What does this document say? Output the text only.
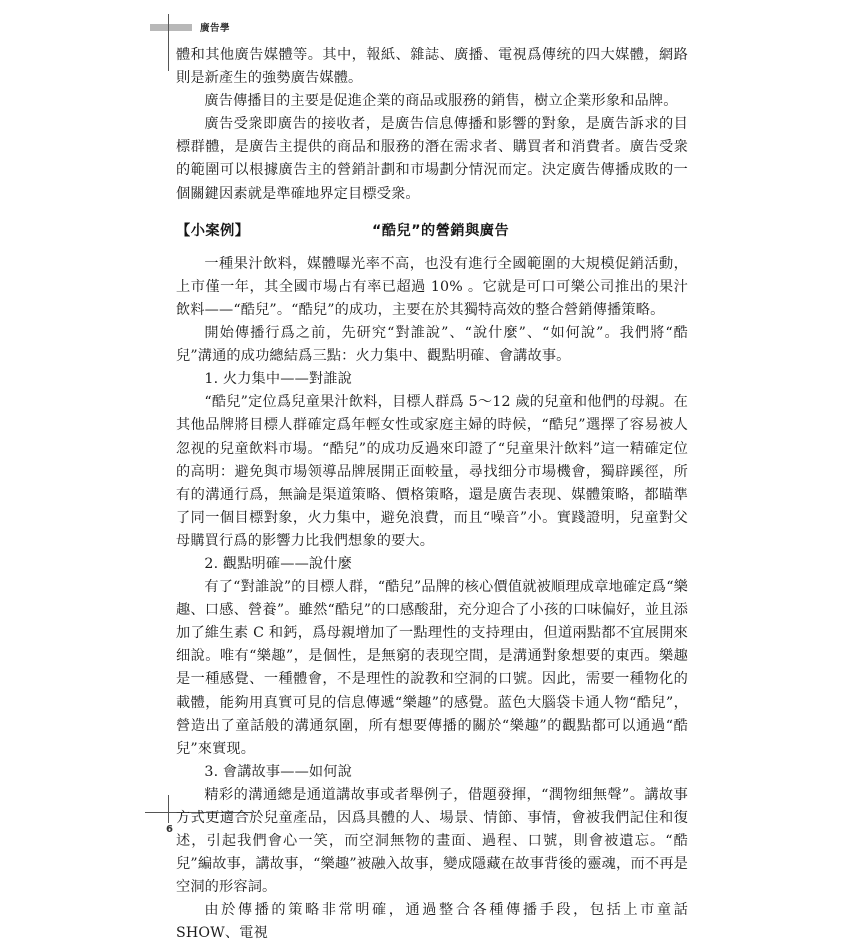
廣告學
6

體和其他廣告媒體等。其中，報紙、雜誌、廣播、電視爲傳统的四大媒體，網路則是新產生的強勢廣告媒體。

廣告傳播目的主要是促進企業的商品或服務的銷售，樹立企業形象和品牌。

廣告受衆即廣告的接收者，是廣告信息傳播和影響的對象，是廣告訴求的目標群體，是廣告主提供的商品和服務的潛在需求者、購買者和消費者。廣告受衆的範圍可以根據廣告主的營銷計劃和市場劃分情況而定。決定廣告傳播成敗的一個關鍵因素就是準確地界定目標受衆。

【小案例】	“酷兒”的營銷與廣告

一種果汁飲料，媒體曝光率不高，也没有進行全國範圍的大規模促銷活動，上市僅一年，其全國市場占有率已超過 10% 。它就是可口可樂公司推出的果汁飲料——“酷兒”。“酷兒”的成功，主要在於其獨特高效的整合營銷傳播策略。

開始傳播行爲之前，先研究“對誰說”、“說什麼”、“如何說”。我們將“酷兒”溝通的成功總結爲三點：火力集中、觀點明確、會講故事。

1. 火力集中——對誰說

“酷兒”定位爲兒童果汁飲料，目標人群爲 5～12 歲的兒童和他們的母親。在其他品牌將目標人群確定爲年輕女性或家庭主婦的時候，“酷兒”選擇了容易被人忽视的兒童飲料市場。“酷兒”的成功反過來印證了“兒童果汁飲料”這一精確定位的高明：避免與市場领導品牌展開正面較量，尋找细分市場機會，獨辟蹊徑，所有的溝通行爲，無論是渠道策略、價格策略，還是廣告表现、媒體策略，都瞄準了同一個目標對象，火力集中，避免浪費，而且“噪音”小。實踐證明，兒童對父母購買行爲的影響力比我們想象的要大。

2. 觀點明確——說什麼

有了“對誰說”的目標人群，“酷兒”品牌的核心價值就被順理成章地確定爲“樂趣、口感、營養”。雖然“酷兒”的口感酸甜，充分迎合了小孩的口味偏好，並且添加了維生素 C 和鈣，爲母親增加了一點理性的支持理由，但道兩點都不宜展開來细說。唯有“樂趣”，是個性，是無窮的表现空間，是溝通對象想要的東西。樂趣是一種感覺、一種體會，不是理性的說教和空洞的口號。因此，需要一種物化的載體，能夠用真實可見的信息傳遞“樂趣”的感覺。蓝色大腦袋卡通人物“酷兒”，營造出了童話般的溝通氛圍，所有想要傳播的關於“樂趣”的觀點都可以通過“酷兒”來實现。

3. 會講故事——如何說

精彩的溝通總是通道講故事或者舉例子，借題發揮，“潤物细無聲”。講故事方式更適合於兒童產品，因爲具體的人、場景、情節、事情，會被我們記住和復述，引起我們會心一笑，而空洞無物的畫面、過程、口號，則會被遺忘。“酷兒”編故事，講故事，“樂趣”被融入故事，變成隱藏在故事背後的靈魂，而不再是空洞的形容詞。

由於傳播的策略非常明確，通過整合各種傳播手段，包括上市童話 SHOW、電視
